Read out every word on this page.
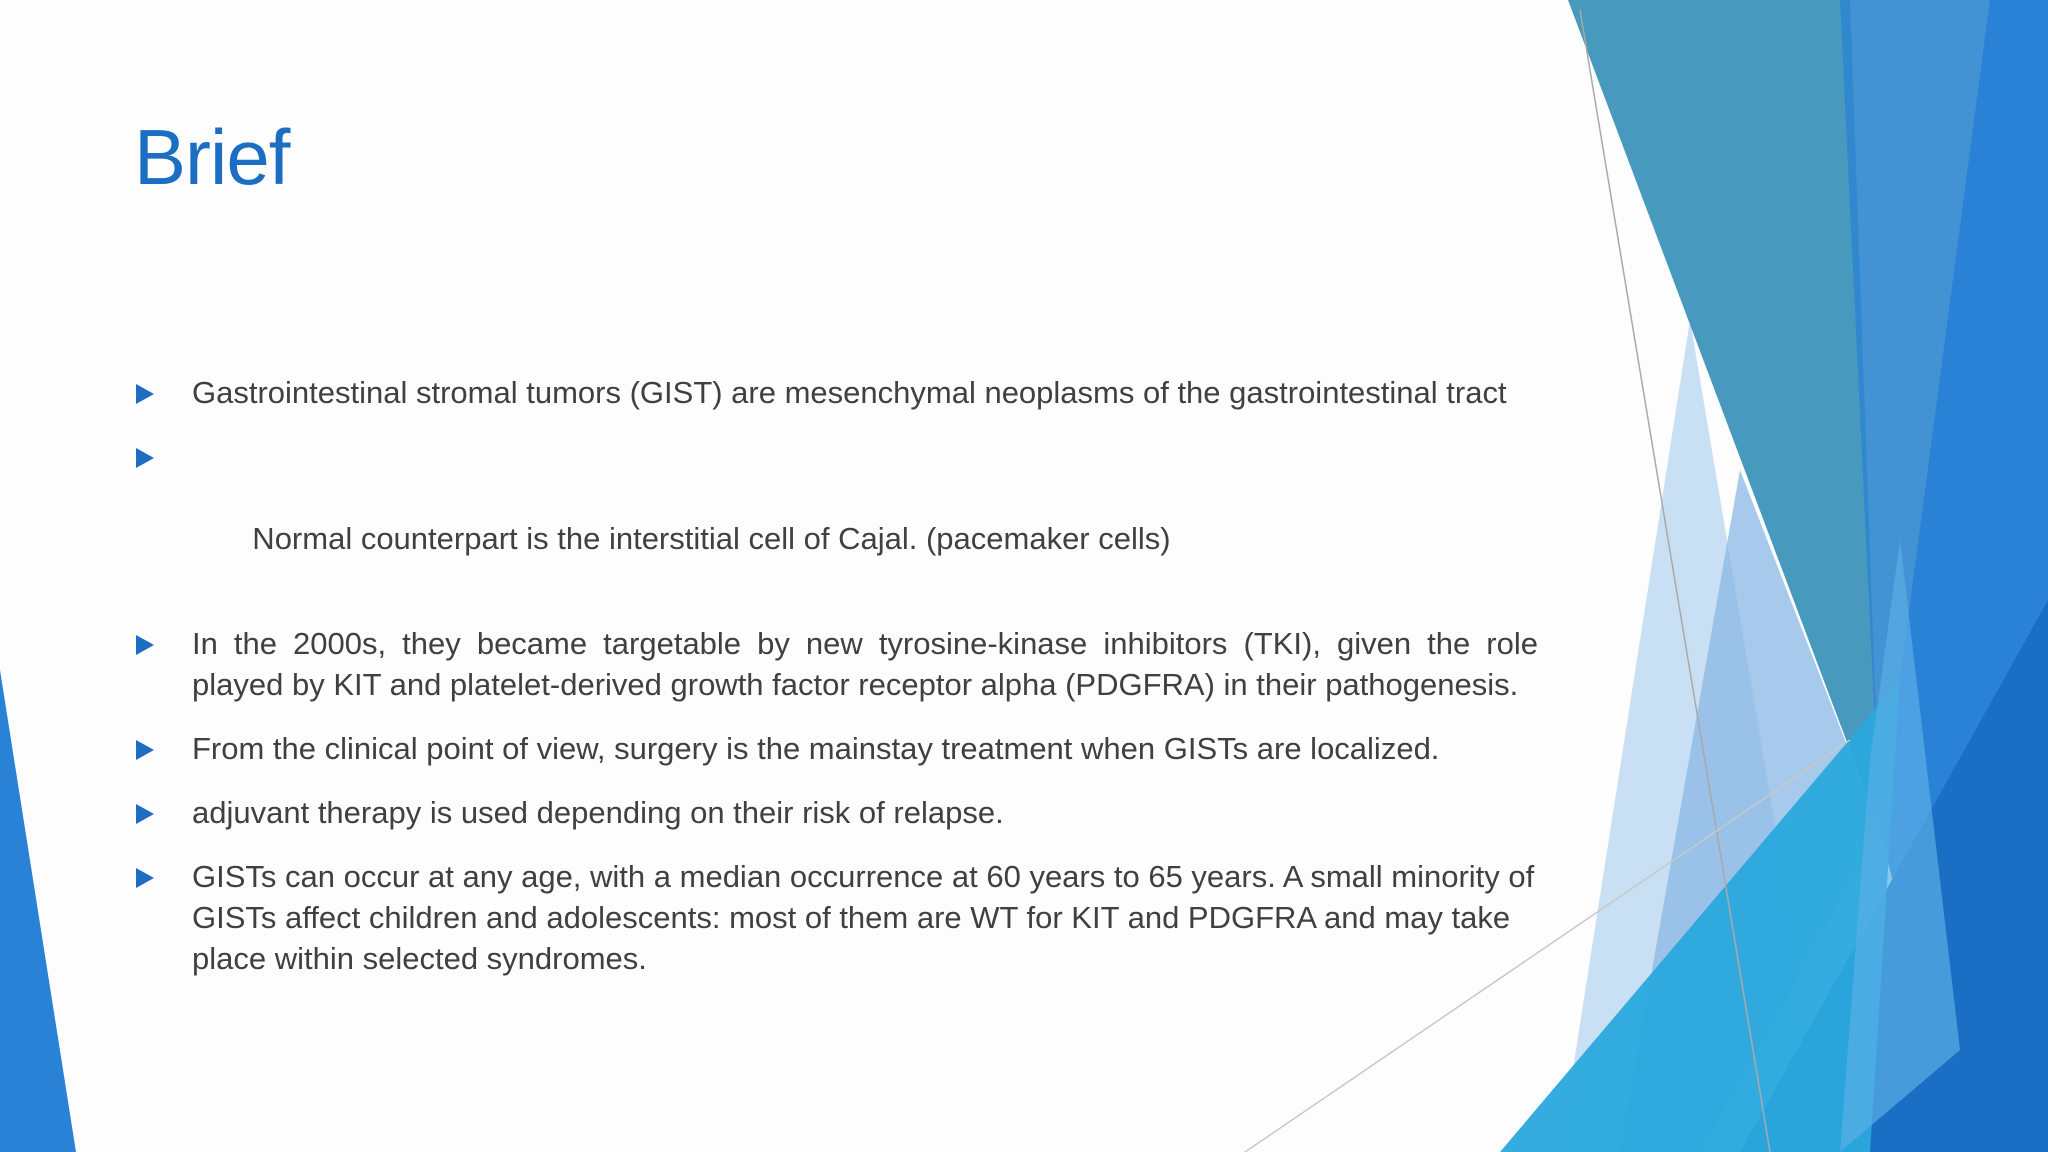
Brief
Gastrointestinal stromal tumors (GIST) are mesenchymal neoplasms of the gastrointestinal tract

Normal counterpart is the interstitial cell of Cajal. (pacemaker cells)

In the 2000s, they became targetable by new tyrosine-kinase inhibitors (TKI), given the role played by KIT and platelet-derived growth factor receptor alpha (PDGFRA) in their pathogenesis.
From the clinical point of view, surgery is the mainstay treatment when GISTs are localized.
adjuvant therapy is used depending on their risk of relapse.
GISTs can occur at any age, with a median occurrence at 60 years to 65 years. A small minority of GISTs affect children and adolescents: most of them are WT for KIT and PDGFRA and may take place within selected syndromes.
